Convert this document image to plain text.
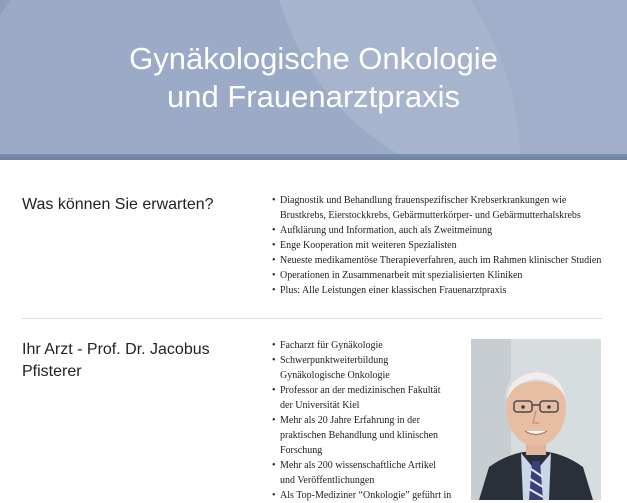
Gynäkologische Onkologie
und Frauenarztpraxis
Was können Sie erwarten?
•	Diagnostik und Behandlung frauenspezifischer Krebserkrankungen wie
Brustkrebs, Eierstockkrebs, Gebärmutterkörper- und Gebärmutterhalskrebs
• Aufklärung und Information, auch als Zweitmeinung
• Enge Kooperation mit weiteren Spezialisten
• Neueste medikamentöse Therapieverfahren, auch im Rahmen klinischer Studien
• Operationen in Zusammenarbeit mit spezialisierten Kliniken
• Plus: Alle Leistungen einer klassischen Frauenarztpraxis
Ihr Arzt - Prof. Dr. Jacobus
Pfisterer
• Facharzt für Gynäkologie
• Schwerpunktweiterbildung
Gynäkologische Onkologie
• Professor an der medizinischen Fakultät
der Universität Kiel
• Mehr als 20 Jahre Erfahrung in der
praktischen Behandlung und klinischen
Forschung
• Mehr als 200 wissenschaftliche Artikel
und Veröffentlichungen
• Als Top-Mediziner “Onkologie” geführt in
